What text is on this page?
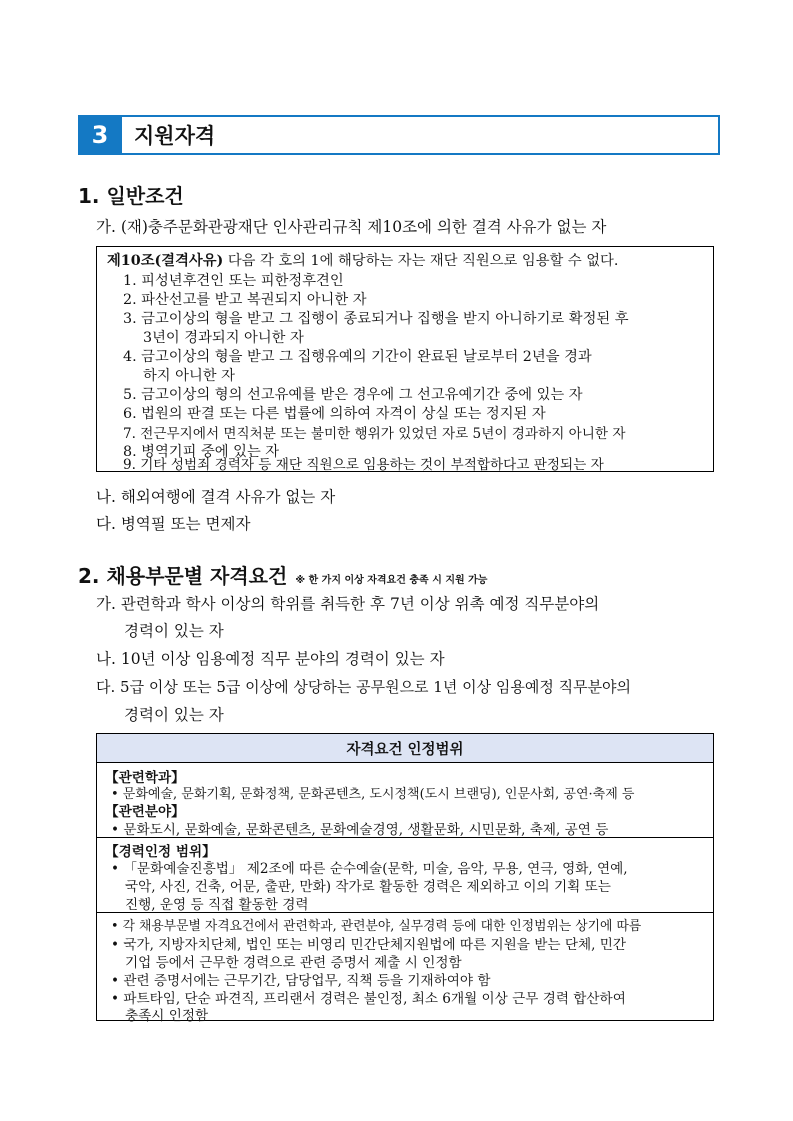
3	지원자격
1. 일반조건
가. (재)충주문화관광재단 인사관리규칙 제10조에 의한 결격 사유가 없는 자
제10조(결격사유) 다음 각 호의 1에 해당하는 자는 재단 직원으로 임용할 수 없다.
1. 피성년후견인 또는 피한정후견인
2. 파산선고를 받고 복권되지 아니한 자
3. 금고이상의 형을 받고 그 집행이 종료되거나 집행을 받지 아니하기로 확정된 후
3년이 경과되지 아니한 자
4. 금고이상의 형을 받고 그 집행유예의 기간이 완료된 날로부터 2년을 경과
하지 아니한 자
5. 금고이상의 형의 선고유예를 받은 경우에 그 선고유예기간 중에 있는 자
6. 법원의 판결 또는 다른 법률에 의하여 자격이 상실 또는 정지된 자
7. 전근무지에서 면직처분 또는 불미한 행위가 있었던 자로 5년이 경과하지 아니한 자
8. 병역기피 중에 있는 자
9. 기타 성범죄 경력자 등 재단 직원으로 임용하는 것이 부적합하다고 판정되는 자
나. 해외여행에 결격 사유가 없는 자
다. 병역필 또는 면제자
2. 채용부문별 자격요건 ※ 한 가지 이상 자격요건 충족 시 지원 가능
가. 관련학과 학사 이상의 학위를 취득한 후 7년 이상 위촉 예정 직무분야의
경력이 있는 자
나. 10년 이상 임용예정 직무 분야의 경력이 있는 자
다. 5급 이상 또는 5급 이상에 상당하는 공무원으로 1년 이상 임용예정 직무분야의
경력이 있는 자
자격요건 인정범위
【관련학과】
• 문화예술, 문화기획, 문화정책, 문화콘텐츠, 도시정책(도시 브랜딩), 인문사회, 공연·축제 등
【관련분야】
• 문화도시, 문화예술, 문화콘텐츠, 문화예술경영, 생활문화, 시민문화, 축제, 공연 등
【경력인정 범위】
• 「문화예술진흥법」 제2조에 따른 순수예술(문학, 미술, 음악, 무용, 연극, 영화, 연예,
국악, 사진, 건축, 어문, 출판, 만화) 작가로 활동한 경력은 제외하고 이의 기획 또는
진행, 운영 등 직접 활동한 경력
• 각 채용부문별 자격요건에서 관련학과, 관련분야, 실무경력 등에 대한 인정범위는 상기에 따름
• 국가, 지방자치단체, 법인 또는 비영리 민간단체지원법에 따른 지원을 받는 단체, 민간
기업 등에서 근무한 경력으로 관련 증명서 제출 시 인정함
• 관련 증명서에는 근무기간, 담당업무, 직책 등을 기재하여야 함
• 파트타임, 단순 파견직, 프리랜서 경력은 불인정, 최소 6개월 이상 근무 경력 합산하여
충족시 인정함
